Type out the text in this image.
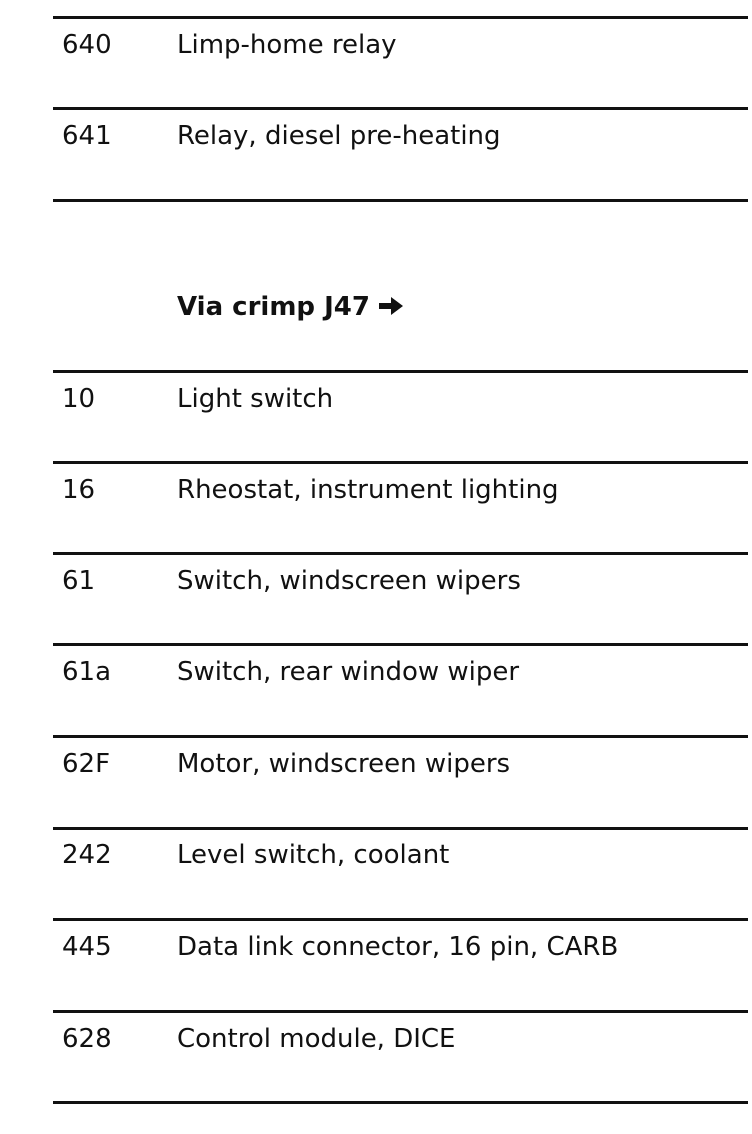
640	Limp-home relay
641	Relay, diesel pre-heating
Via crimp J47
10	Light switch
16	Rheostat, instrument lighting
61	Switch, windscreen wipers
61a	Switch, rear window wiper
62F	Motor, windscreen wipers
242	Level switch, coolant
445	Data link connector, 16 pin, CARB
628	Control module, DICE
